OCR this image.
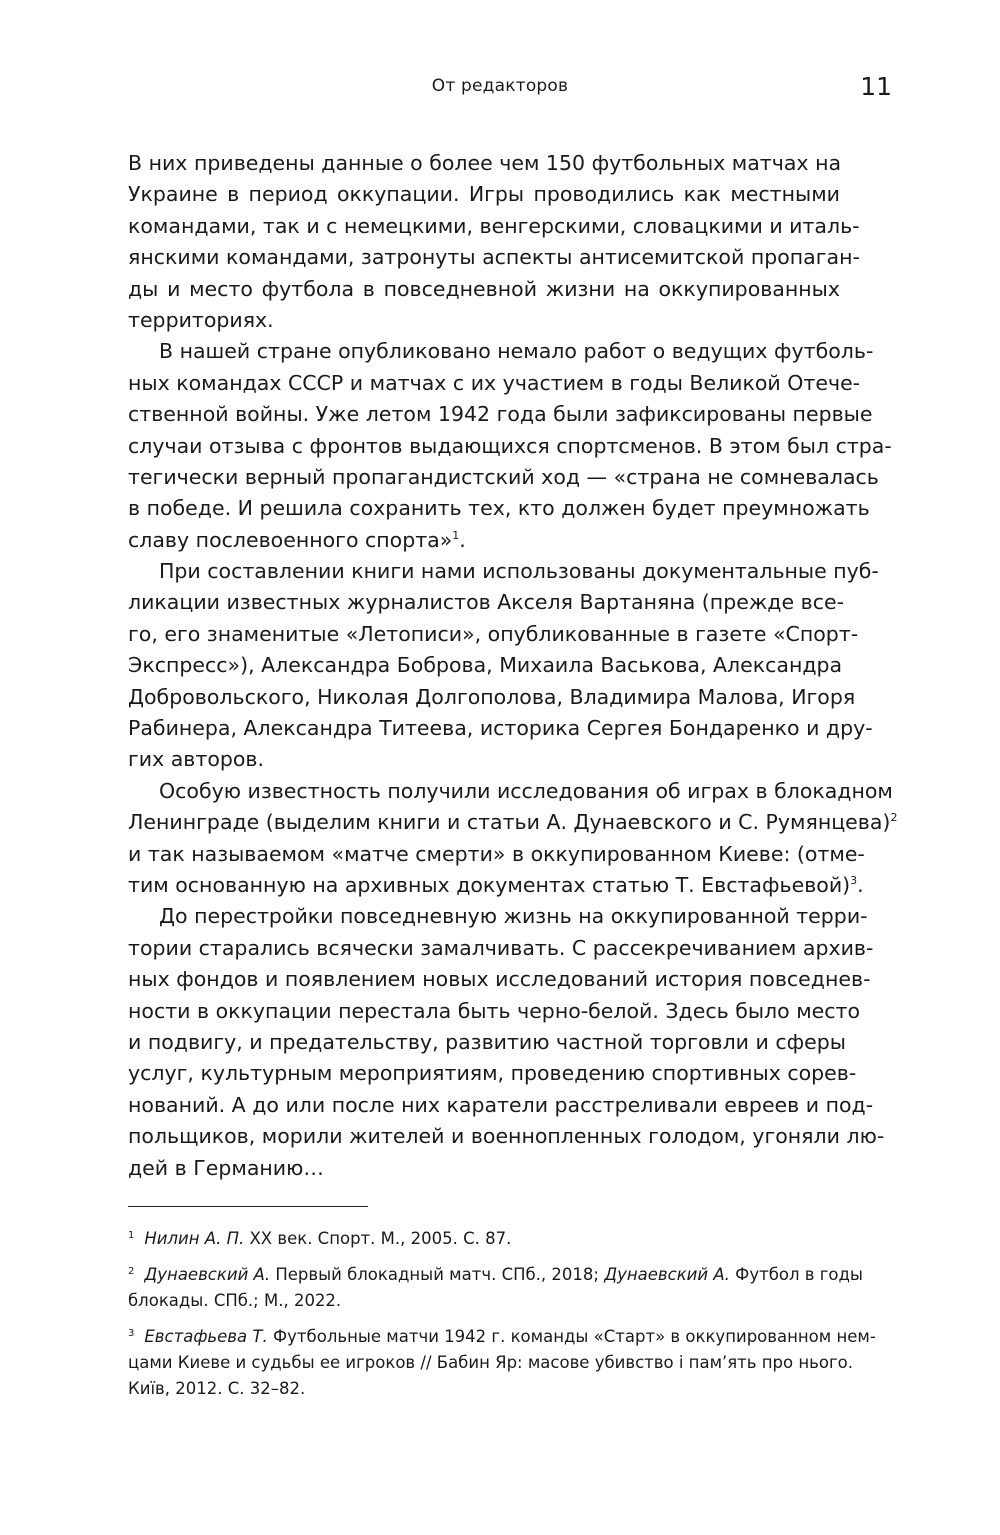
От редакторов	11
В них приведены данные о более чем 150 футбольных матчах на
Украине в период оккупации. Игры проводились как местными
командами, так и с немецкими, венгерскими, словацкими и италь-
янскими командами, затронуты аспекты антисемитской пропаган-
ды и место футбола в повседневной жизни на оккупированных
территориях.
В нашей стране опубликовано немало работ о ведущих футболь-
ных командах СССР и матчах с их участием в годы Великой Отече-
ственной войны. Уже летом 1942 года были зафиксированы первые
случаи отзыва с фронтов выдающихся спортсменов. В этом был стра-
тегически верный пропагандистский ход — «страна не сомневалась
в победе. И решила сохранить тех, кто должен будет преумножать
славу послевоенного спорта»$^1$.
При составлении книги нами использованы документальные пуб-
ликации известных журналистов Акселя Вартаняна (прежде все-
го, его знаменитые «Летописи», опубликованные в газете «Спорт-
Экспресс»), Александра Боброва, Михаила Васькова, Александра
Добровольского, Николая Долгополова, Владимира Малова, Игоря
Рабинера, Александра Титеева, историка Сергея Бондаренко и дру-
гих авторов.
Особую известность получили исследования об играх в блокадном
Ленинграде (выделим книги и статьи А. Дунаевского и С. Румянцева)$^2$
и так называемом «матче смерти» в оккупированном Киеве: (отме-
тим основанную на архивных документах статью Т. Евстафьевой)$^3$.
До перестройки повседневную жизнь на оккупированной терри-
тории старались всячески замалчивать. С рассекречиванием архив-
ных фондов и появлением новых исследований история повседнев-
ности в оккупации перестала быть черно-белой. Здесь было место
и подвигу, и предательству, развитию частной торговли и сферы
услуг, культурным мероприятиям, проведению спортивных сорев-
нований. А до или после них каратели расстреливали евреев и под-
польщиков, морили жителей и военнопленных голодом, угоняли лю-
дей в Германию…
$^1$ Нилин А. П. XX век. Спорт. М., 2005. С. 87.
$^2$ Дунаевский А. Первый блокадный матч. СПб., 2018; Дунаевский А. Футбол в годы
блокады. СПб.; М., 2022.
$^3$ Евстафьева Т. Футбольные матчи 1942 г. команды «Старт» в оккупированном нем-
цами Киеве и судьбы ее игроков // Бабин Яр: масове убивство і пам’ять про нього.
Київ, 2012. С. 32–82.
